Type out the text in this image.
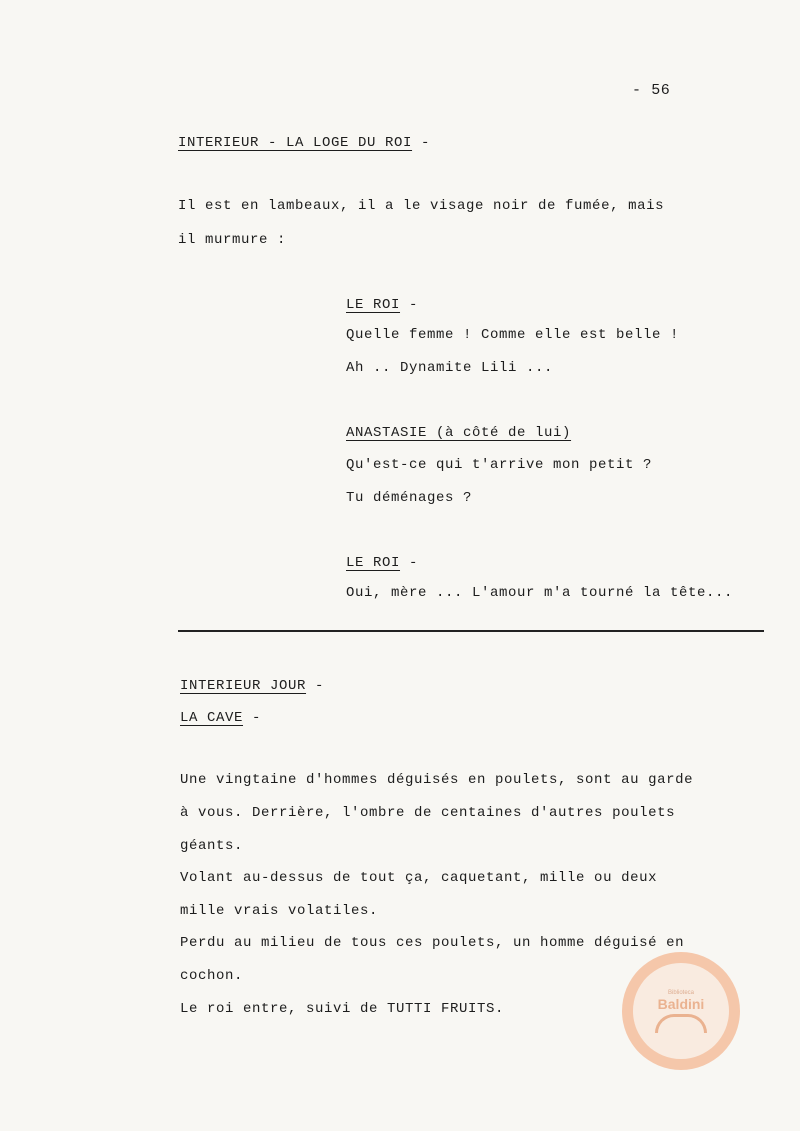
- 56
INTERIEUR - LA LOGE DU ROI -
Il est en lambeaux, il a le visage noir de fumée, mais
il murmure :
LE ROI -
Quelle femme ! Comme elle est belle !
Ah .. Dynamite Lili ...
ANASTASIE (à côté de lui)
Qu'est-ce qui t'arrive mon petit ?
Tu déménages ?
LE ROI -
Oui, mère ... L'amour m'a tourné la tête...
INTERIEUR JOUR -
LA CAVE -
Une vingtaine d'hommes déguisés en poulets, sont au garde
à vous. Derrière, l'ombre de centaines d'autres poulets
géants.
Volant au-dessus de tout ça, caquetant, mille ou deux
mille vrais volatiles.
Perdu au milieu de tous ces poulets, un homme déguisé en
cochon.
Le roi entre, suivi de TUTTI FRUITS.
Biblioteca
Baldini
